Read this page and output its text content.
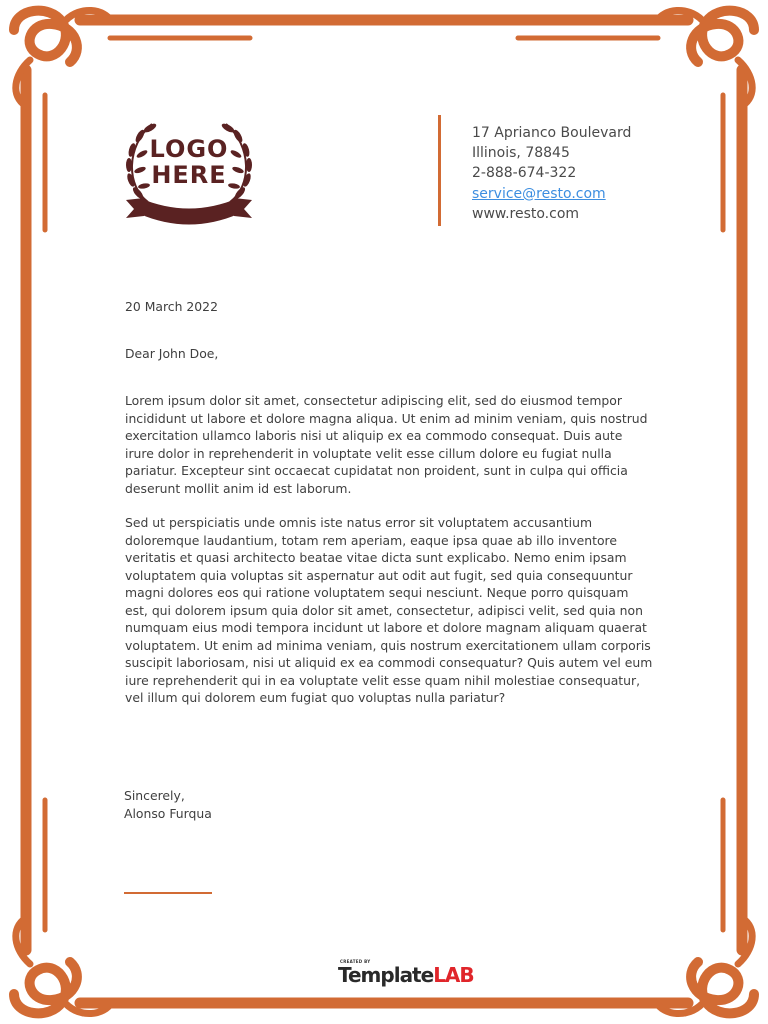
LOGO
HERE
17 Aprianco Boulevard
Illinois, 78845
2-888-674-322
service@resto.com
www.resto.com
20 March 2022
Dear John Doe,
Lorem ipsum dolor sit amet, consectetur adipiscing elit, sed do eiusmod tempor incididunt ut labore et dolore magna aliqua. Ut enim ad minim veniam, quis nostrud exercitation ullamco laboris nisi ut aliquip ex ea commodo consequat. Duis aute irure dolor in reprehenderit in voluptate velit esse cillum dolore eu fugiat nulla pariatur. Excepteur sint occaecat cupidatat non proident, sunt in culpa qui officia deserunt mollit anim id est laborum.
Sed ut perspiciatis unde omnis iste natus error sit voluptatem accusantium doloremque laudantium, totam rem aperiam, eaque ipsa quae ab illo inventore veritatis et quasi architecto beatae vitae dicta sunt explicabo. Nemo enim ipsam voluptatem quia voluptas sit aspernatur aut odit aut fugit, sed quia consequuntur magni dolores eos qui ratione voluptatem sequi nesciunt. Neque porro quisquam est, qui dolorem ipsum quia dolor sit amet, consectetur, adipisci velit, sed quia non numquam eius modi tempora incidunt ut labore et dolore magnam aliquam quaerat voluptatem. Ut enim ad minima veniam, quis nostrum exercitationem ullam corporis suscipit laboriosam, nisi ut aliquid ex ea commodi consequatur? Quis autem vel eum iure reprehenderit qui in ea voluptate velit esse quam nihil molestiae consequatur, vel illum qui dolorem eum fugiat quo voluptas nulla pariatur?
Sincerely,
Alonso Furqua
CREATED BY
TemplateLAB
